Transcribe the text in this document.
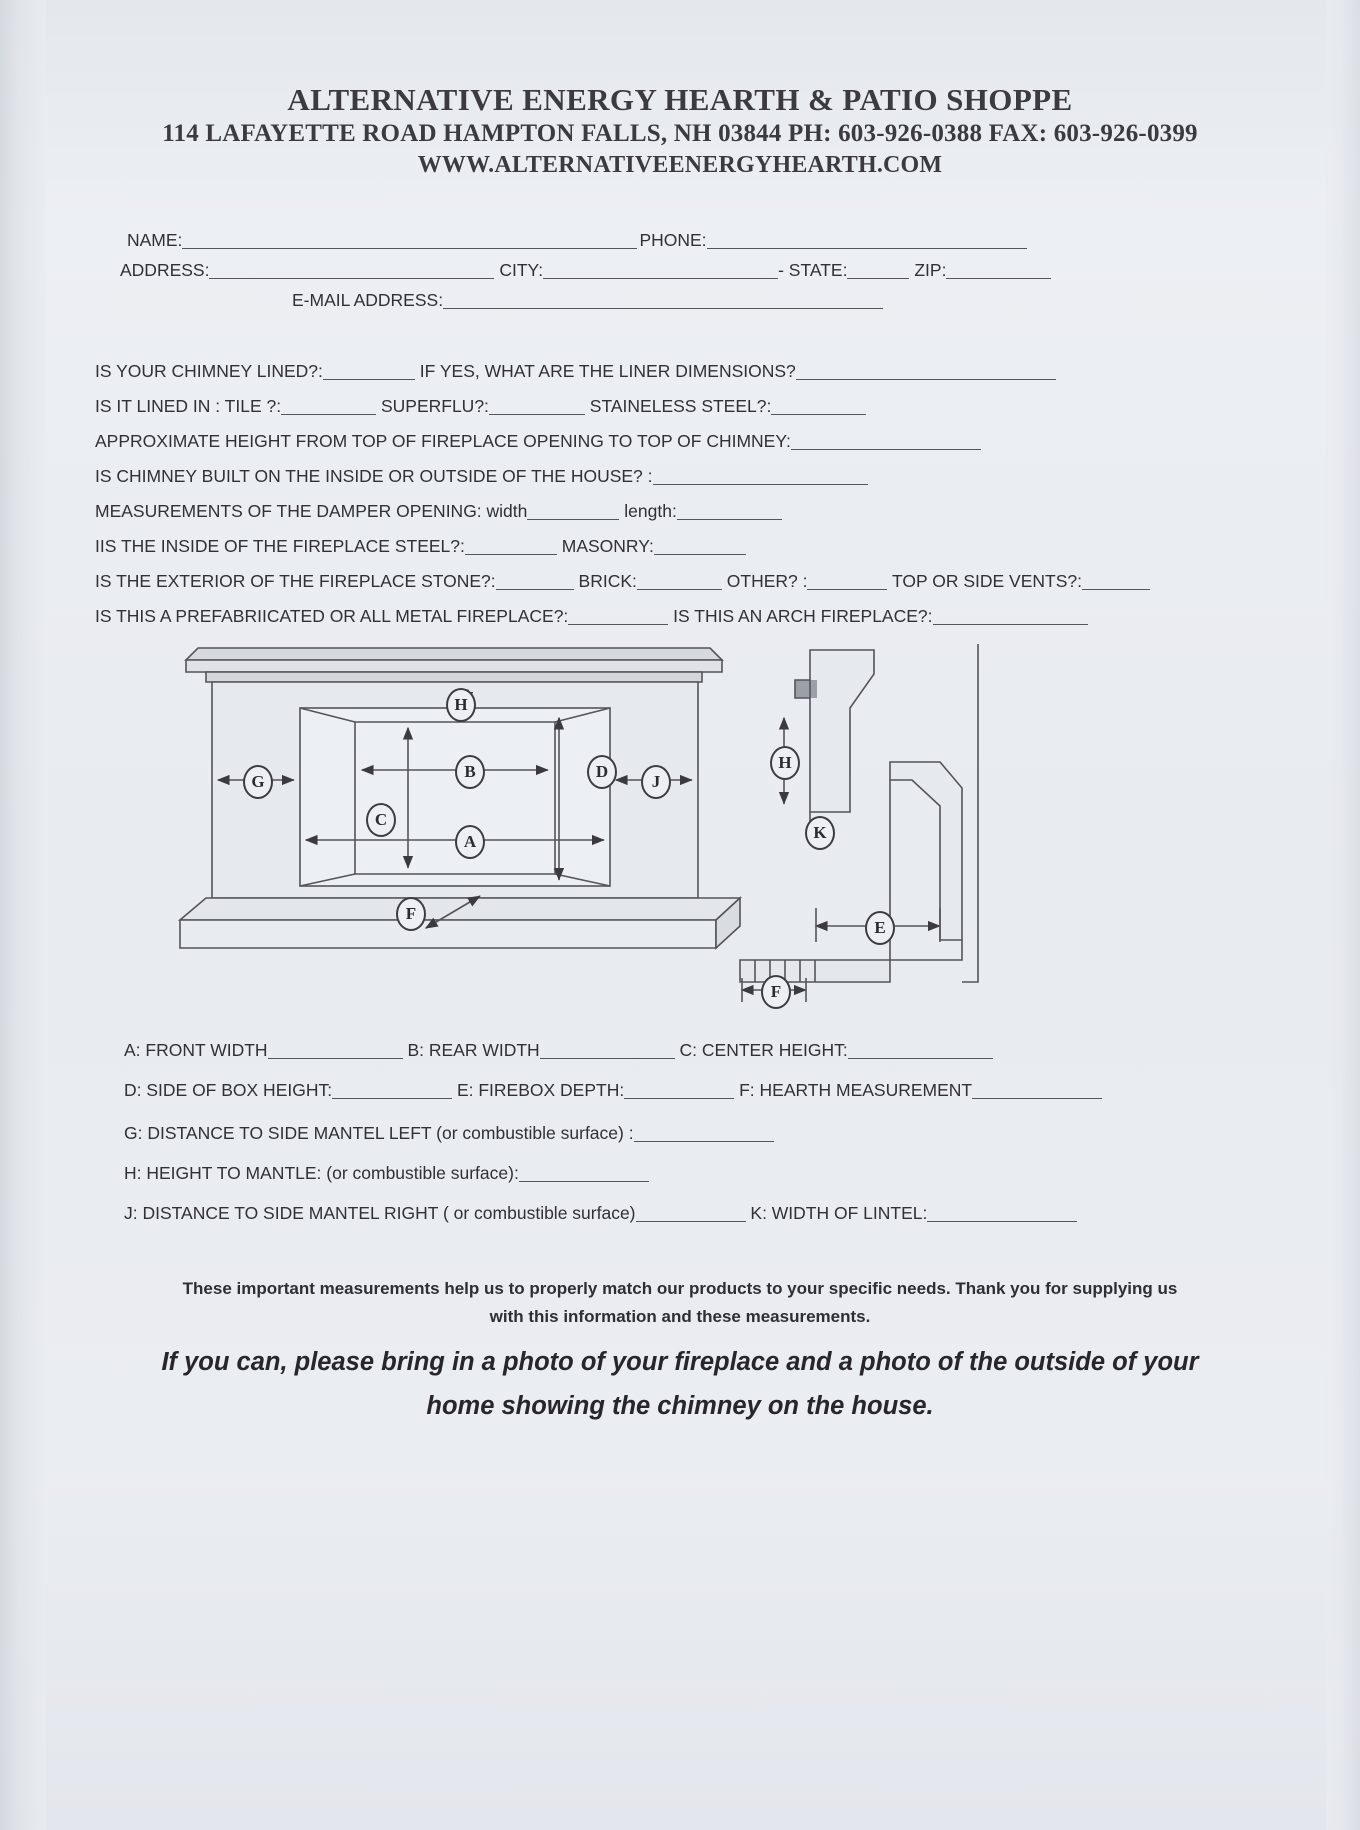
ALTERNATIVE ENERGY HEARTH & PATIO SHOPPE
114 LAFAYETTE ROAD HAMPTON FALLS, NH 03844 PH: 603-926-0388 FAX: 603-926-0399
WWW.ALTERNATIVEENERGYHEARTH.COM
NAME:	PHONE:
ADDRESS:	CITY:	- STATE:	ZIP:
E-MAIL ADDRESS:
IS YOUR CHIMNEY LINED?:	IF YES, WHAT ARE THE LINER DIMENSIONS?
IS IT LINED IN : TILE ?:	SUPERFLU?:	STAINELESS STEEL?:
APPROXIMATE HEIGHT FROM TOP OF FIREPLACE OPENING TO TOP OF CHIMNEY:
IS CHIMNEY BUILT ON THE INSIDE OR OUTSIDE OF THE HOUSE? :
MEASUREMENTS OF THE DAMPER OPENING: width	length:
IIS THE INSIDE OF THE FIREPLACE STEEL?:	MASONRY:
IS THE EXTERIOR OF THE FIREPLACE STONE?:	BRICK:	OTHER? :	TOP OR SIDE VENTS?:
IS THIS A PREFABRIICATED OR ALL METAL FIREPLACE?:	IS THIS AN ARCH FIREPLACE?:
H
G
B
C
D
J
A
F
H
K
E
F
A: FRONT WIDTH	B: REAR WIDTH	C: CENTER HEIGHT:
D: SIDE OF BOX HEIGHT:	E: FIREBOX DEPTH:	F: HEARTH MEASUREMENT
G: DISTANCE TO SIDE MANTEL LEFT (or combustible surface) :
H: HEIGHT TO MANTLE: (or combustible surface):
J: DISTANCE TO SIDE MANTEL RIGHT ( or combustible surface)	K: WIDTH OF LINTEL:
These important measurements help us to properly match our products to your specific needs. Thank you for supplying us with this information and these measurements.
If you can, please bring in a photo of your fireplace and a photo of the outside of your home showing the chimney on the house.
